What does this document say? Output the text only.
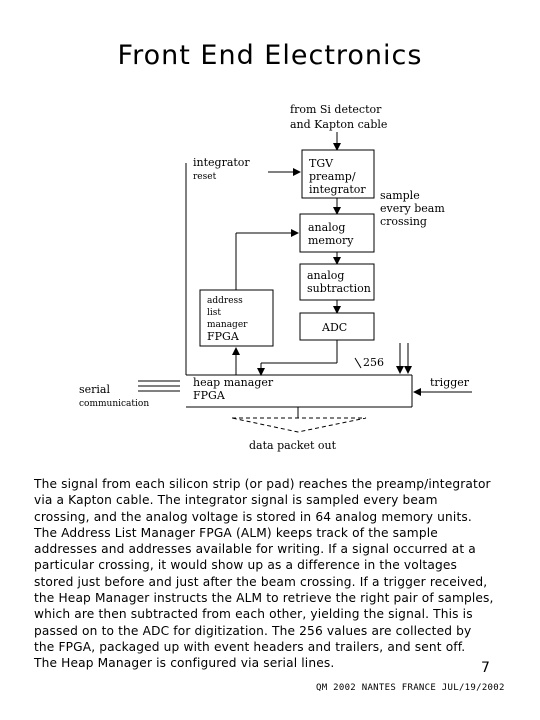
Front End Electronics
from Si detector
and Kapton cable
TGV
preamp/
integrator
integrator
reset
sample
every beam
crossing
analog
memory
analog
subtraction
ADC
256
address
list
manager
FPGA
heap manager
FPGA
serial
communication
trigger
data packet out
The signal from each silicon strip (or pad) reaches the preamp/integrator
via a Kapton cable. The integrator signal is sampled every beam
crossing, and the analog voltage is stored in 64 analog memory units.
The Address List Manager FPGA (ALM) keeps track of the sample
addresses and addresses available for writing. If a signal occurred at a
particular crossing, it would show up as a difference in the voltages
stored just before and just after the beam crossing. If a trigger received,
the Heap Manager instructs the ALM to retrieve the right pair of samples,
which are then subtracted from each other, yielding the signal. This is
passed on to the ADC for digitization. The 256 values are collected by
the FPGA, packaged up with event headers and trailers, and sent off.
The Heap Manager is configured via serial lines.	7
QM 2002 NANTES FRANCE JUL/19/2002
